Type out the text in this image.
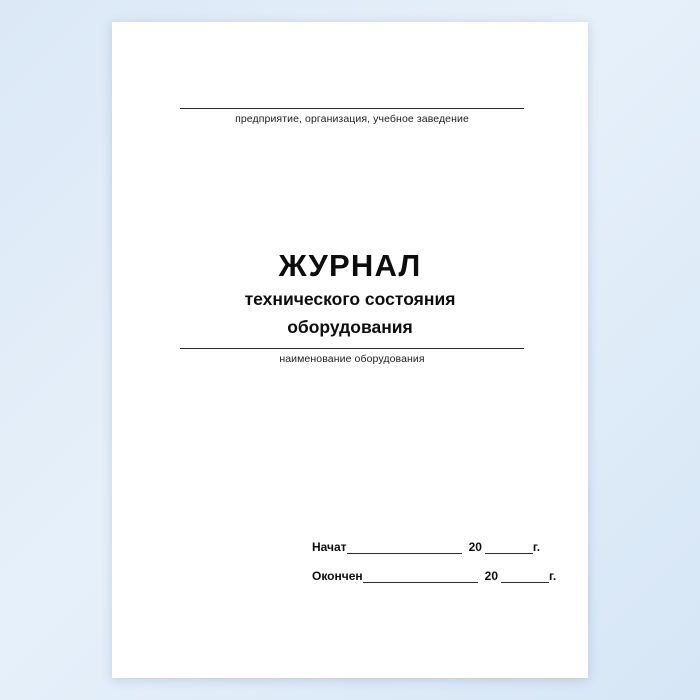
предприятие, организация, учебное заведение
ЖУРНАЛ
технического состояния
оборудования
наименование оборудования
Начат	20	г.
Окончен	20	г.
